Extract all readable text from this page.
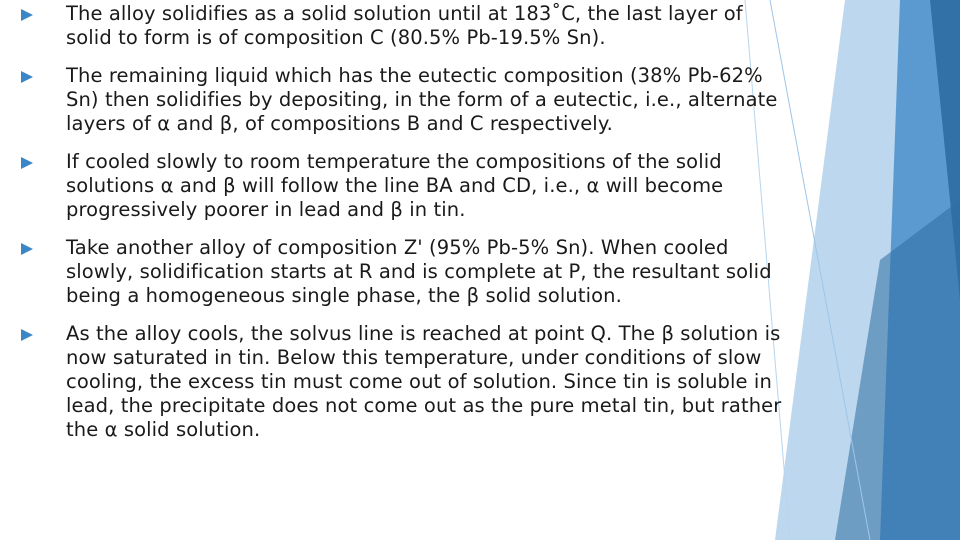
The alloy solidifies as a solid solution until at 183˚C, the last layer of solid to form is of composition C (80.5% Pb-19.5% Sn).
The remaining liquid which has the eutectic composition (38% Pb-62% Sn) then solidifies by depositing, in the form of a eutectic, i.e., alternate layers of α and β, of compositions B and C respectively.
If cooled slowly to room temperature the compositions of the solid solutions α and β will follow the line BA and CD, i.e., α will become progressively poorer in lead and β in tin.
Take another alloy of composition Z' (95% Pb-5% Sn). When cooled slowly, solidification starts at R and is complete at P, the resultant solid being a homogeneous single phase, the β solid solution.
As the alloy cools, the solvus line is reached at point Q. The β solution is now saturated in tin. Below this temperature, under conditions of slow cooling, the excess tin must come out of solution. Since tin is soluble in lead, the precipitate does not come out as the pure metal tin, but rather the α solid solution.
